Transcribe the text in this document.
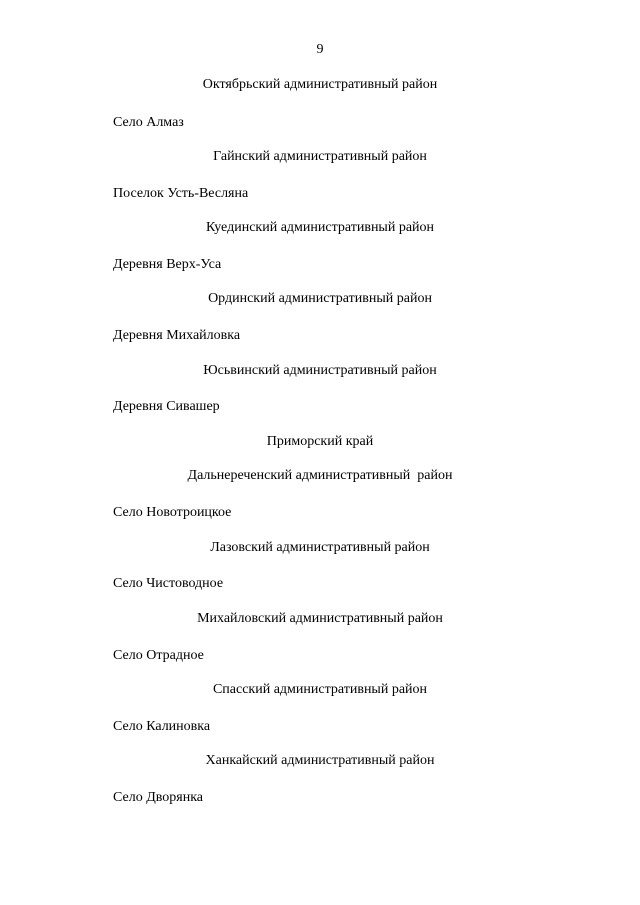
9
Октябрьский административный район
Село Алмаз
Гайнский административный район
Поселок Усть-Весляна
Куединский административный район
Деревня Верх-Уса
Ординский административный район
Деревня Михайловка
Юсьвинский административный район
Деревня Сивашер
Приморский край
Дальнереченский административный  район
Село Новотроицкое
Лазовский административный район
Село Чистоводное
Михайловский административный район
Село Отрадное
Спасский административный район
Село Калиновка
Ханкайский административный район
Село Дворянка
